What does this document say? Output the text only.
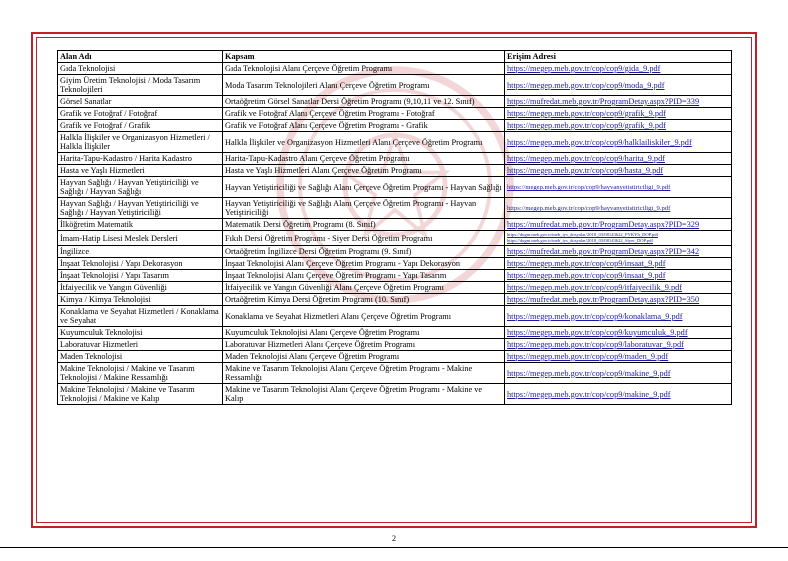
Alan Adı	Kapsam	Erişim Adresi
Gıda Teknolojisi	Gıda Teknolojisi Alanı Çerçeve Öğretim Programı	https://megep.meb.gov.tr/cop/cop9/gida_9.pdf
Giyim Üretim Teknolojisi / Moda Tasarım Teknolojileri	Moda Tasarım Teknolojileri Alanı Çerçeve Öğretim Programı	https://megep.meb.gov.tr/cop/cop9/moda_9.pdf
Görsel Sanatlar	Ortaöğretim Görsel Sanatlar Dersi Öğretim Programı (9,10,11 ve 12. Sınıf)	https://mufredat.meb.gov.tr/ProgramDetay.aspx?PID=339
Grafik ve Fotoğraf / Fotoğraf	Grafik ve Fotoğraf Alanı Çerçeve Öğretim Programı - Fotoğraf	https://megep.meb.gov.tr/cop/cop9/grafik_9.pdf
Grafik ve Fotoğraf / Grafik	Grafik ve Fotoğraf Alanı Çerçeve Öğretim Programı - Grafik	https://megep.meb.gov.tr/cop/cop9/grafik_9.pdf
Halkla İlişkiler ve Organizasyon Hizmetleri / Halkla İlişkiler	Halkla İlişkiler ve Organizasyon Hizmetleri Alanı Çerçeve Öğretim Programı	https://megep.meb.gov.tr/cop/cop9/halklailiskiler_9.pdf
Harita-Tapu-Kadastro / Harita Kadastro	Harita-Tapu-Kadastro Alanı Çerçeve Öğretim Programı	https://megep.meb.gov.tr/cop/cop9/harita_9.pdf
Hasta ve Yaşlı Hizmetleri	Hasta ve Yaşlı Hizmetleri Alanı Çerçeve Öğretim Programı	https://megep.meb.gov.tr/cop/cop9/hasta_9.pdf
Hayvan Sağlığı / Hayvan Yetiştiriciliği ve Sağlığı / Hayvan Sağlığı	Hayvan Yetiştiriciliği ve Sağlığı Alanı Çerçeve Öğretim Programı - Hayvan Sağlığı	https://megep.meb.gov.tr/cop/cop9/hayvanyetistiriciligi_9.pdf
Hayvan Sağlığı / Hayvan Yetiştiriciliği ve Sağlığı / Hayvan Yetiştiriciliği	Hayvan Yetiştiriciliği ve Sağlığı Alanı Çerçeve Öğretim Programı - Hayvan Yetiştiriciliği	https://megep.meb.gov.tr/cop/cop9/hayvanyetistiriciligi_9.pdf
İlköğretim Matematik	Matematik Dersi Öğretim Programı (8. Sınıf)	https://mufredat.meb.gov.tr/ProgramDetay.aspx?PID=329
İmam-Hatip Lisesi Meslek Dersleri	Fıkıh Dersi Öğretim Programı - Siyer Dersi Öğretim Programı	https://dogm.meb.gov.tr/meb_iys_dosyalar/2018_03/08143622_FYKYh_DOP.pdf
https://dogm.meb.gov.tr/meb_iys_dosyalar/2018_03/08143622_Siyer_DOP.pdf

İngilizce	Ortaöğretim İngilizce Dersi Öğretim Programı (9. Sınıf)	https://mufredat.meb.gov.tr/ProgramDetay.aspx?PID=342
İnşaat Teknolojisi / Yapı Dekorasyon	İnşaat Teknolojisi Alanı Çerçeve Öğretim Programı - Yapı Dekorasyon	https://megep.meb.gov.tr/cop/cop9/insaat_9.pdf
İnşaat Teknolojisi / Yapı Tasarım	İnşaat Teknolojisi Alanı Çerçeve Öğretim Programı - Yapı Tasarım	https://megep.meb.gov.tr/cop/cop9/insaat_9.pdf
İtfaiyecilik ve Yangın Güvenliği	İtfaiyecilik ve Yangın Güvenliği Alanı Çerçeve Öğretim Programı	https://megep.meb.gov.tr/cop/cop9/itfaiyecilik_9.pdf
Kimya / Kimya Teknolojisi	Ortaöğretim Kimya Dersi Öğretim Programı (10. Sınıf)	https://mufredat.meb.gov.tr/ProgramDetay.aspx?PID=350
Konaklama ve Seyahat Hizmetleri / Konaklama ve Seyahat	Konaklama ve Seyahat Hizmetleri Alanı Çerçeve Öğretim Programı	https://megep.meb.gov.tr/cop/cop9/konaklama_9.pdf
Kuyumculuk Teknolojisi	Kuyumculuk Teknolojisi Alanı Çerçeve Öğretim Programı	https://megep.meb.gov.tr/cop/cop9/kuyumculuk_9.pdf
Laboratuvar Hizmetleri	Laboratuvar Hizmetleri Alanı Çerçeve Öğretim Programı	https://megep.meb.gov.tr/cop/cop9/laboratuvar_9.pdf
Maden Teknolojisi	Maden Teknolojisi Alanı Çerçeve Öğretim Programı	https://megep.meb.gov.tr/cop/cop9/maden_9.pdf
Makine Teknolojisi / Makine ve Tasarım Teknolojisi / Makine Ressamlığı	Makine ve Tasarım Teknolojisi Alanı Çerçeve Öğretim Programı - Makine Ressamlığı	https://megep.meb.gov.tr/cop/cop9/makine_9.pdf
Makine Teknolojisi / Makine ve Tasarım Teknolojisi / Makine ve Kalıp	Makine ve Tasarım Teknolojisi Alanı Çerçeve Öğretim Programı - Makine ve Kalıp	https://megep.meb.gov.tr/cop/cop9/makine_9.pdf
2
